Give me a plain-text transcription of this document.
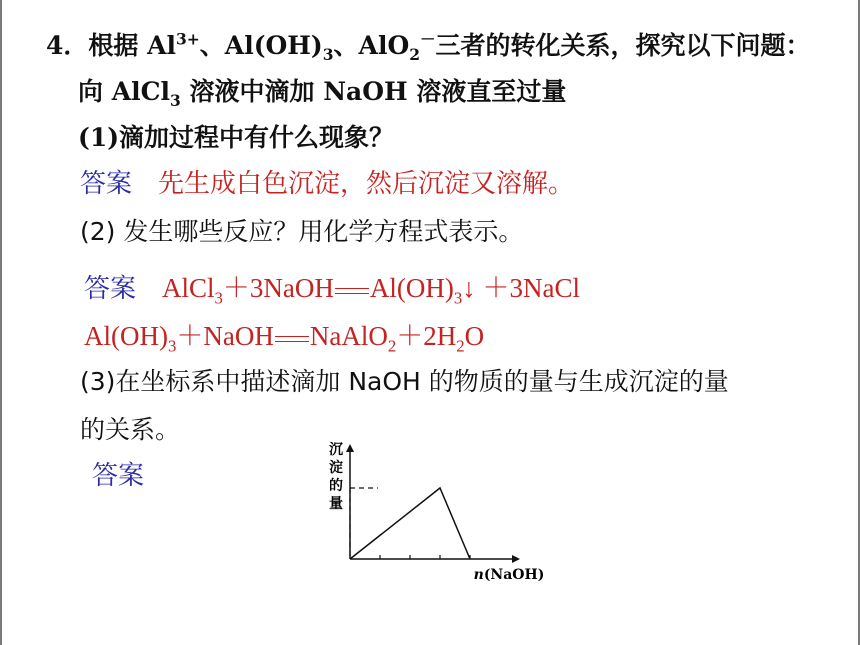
4．根据 $Al^{3+}$、$Al(OH)_3$、AlO$_2$－三者的转化关系，探究以下问题：
向 AlCl$_3$ 溶液中滴加 NaOH 溶液直至过量
(1)滴加过程中有什么现象？
答案 先生成白色沉淀，然后沉淀又溶解。
(2) 发生哪些反应？用化学方程式表示。
答案 AlCl$_3$＋3NaOH $Al(OH)_3↓$ ＋3NaCl
$Al(OH)_3+NaOH$ $NaAlO_2+2H_2O$
(3)在坐标系中描述滴加 NaOH 的物质的量与生成沉淀的量
的关系。
答案
沉
淀
的
量
n(NaOH)
